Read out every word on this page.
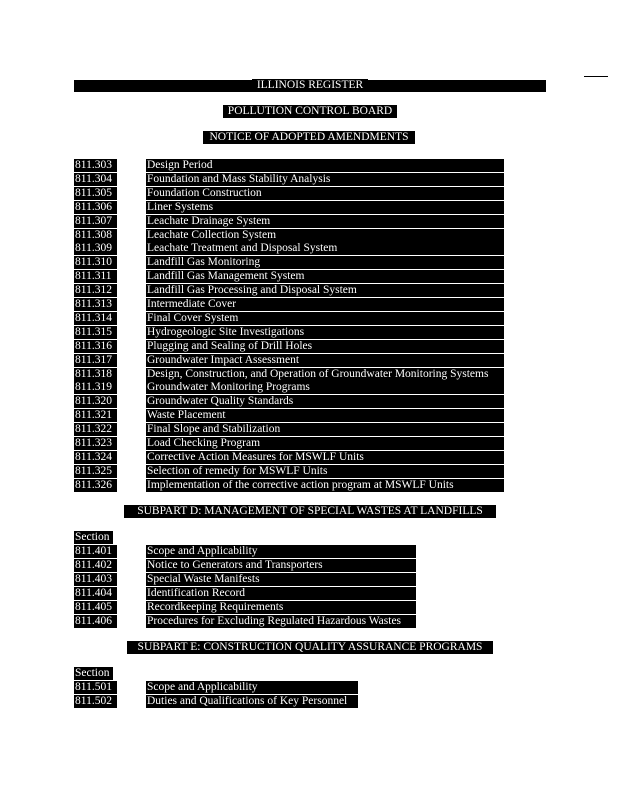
ILLINOIS REGISTER
POLLUTION CONTROL BOARD
NOTICE OF ADOPTED AMENDMENTS
811.303	Design Period
811.304	Foundation and Mass Stability Analysis
811.305	Foundation Construction
811.306	Liner Systems
811.307	Leachate Drainage System
811.308	Leachate Collection System
811.309	Leachate Treatment and Disposal System
811.310	Landfill Gas Monitoring
811.311	Landfill Gas Management System
811.312	Landfill Gas Processing and Disposal System
811.313	Intermediate Cover
811.314	Final Cover System
811.315	Hydrogeologic Site Investigations
811.316	Plugging and Sealing of Drill Holes
811.317	Groundwater Impact Assessment
811.318	Design, Construction, and Operation of Groundwater Monitoring Systems
811.319	Groundwater Monitoring Programs
811.320	Groundwater Quality Standards
811.321	Waste Placement
811.322	Final Slope and Stabilization
811.323	Load Checking Program
811.324	Corrective Action Measures for MSWLF Units
811.325	Selection of remedy for MSWLF Units
811.326	Implementation of the corrective action program at MSWLF Units
SUBPART D: MANAGEMENT OF SPECIAL WASTES AT LANDFILLS
Section
811.401	Scope and Applicability
811.402	Notice to Generators and Transporters
811.403	Special Waste Manifests
811.404	Identification Record
811.405	Recordkeeping Requirements
811.406	Procedures for Excluding Regulated Hazardous Wastes
SUBPART E: CONSTRUCTION QUALITY ASSURANCE PROGRAMS
Section
811.501	Scope and Applicability
811.502	Duties and Qualifications of Key Personnel
